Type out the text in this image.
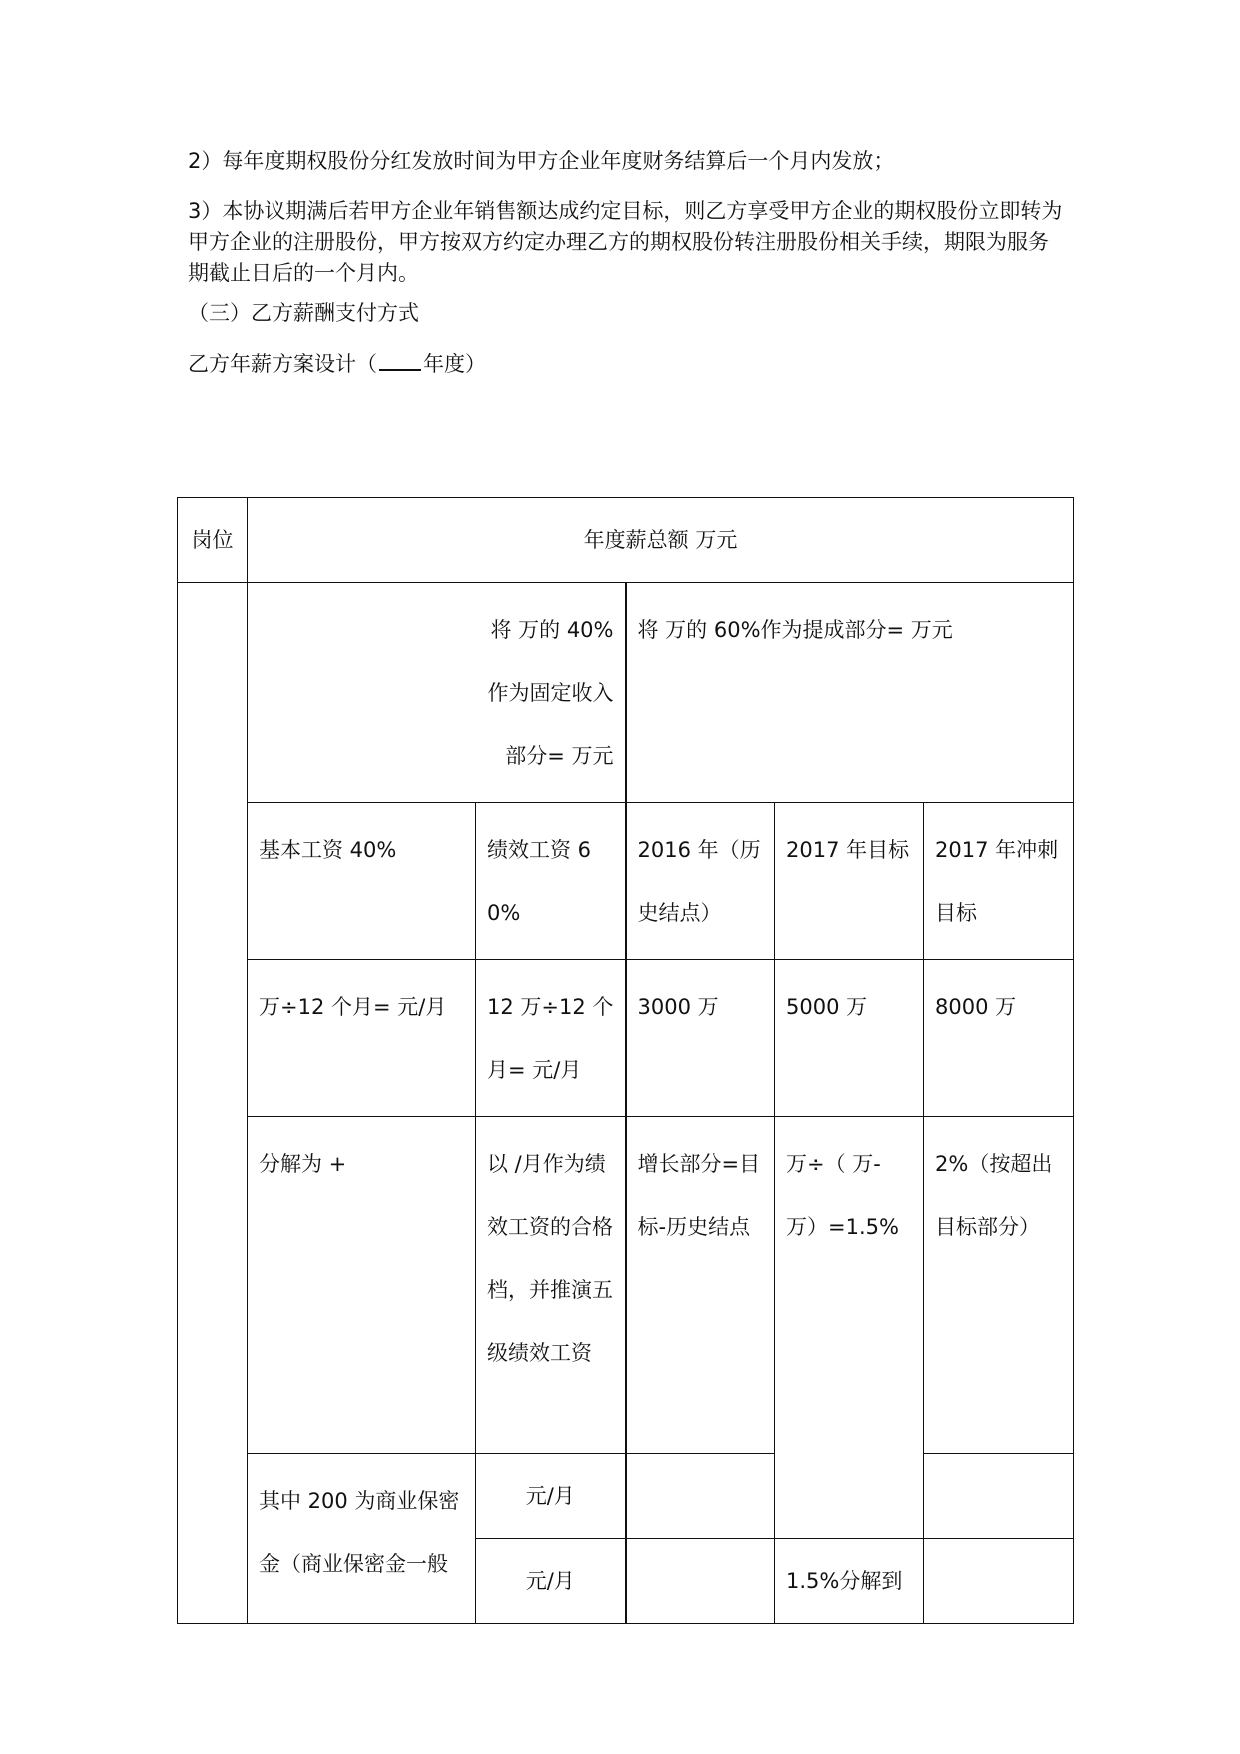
2）每年度期权股份分红发放时间为甲方企业年度财务结算后一个月内发放；

3）本协议期满后若甲方企业年销售额达成约定目标，则乙方享受甲方企业的期权股份立即转为甲方企业的注册股份，甲方按双方约定办理乙方的期权股份转注册股份相关手续，期限为服务期截止日后的一个月内。

（三）乙方薪酬支付方式

乙方年薪方案设计（ 年度）

岗位	年度薪总额 万元				
	将 万的 40%作为固定收入部分= 万元		将 万的 60%作为提成部分= 万元		
	基本工资 40%	绩效工资 60%	2016 年（历史结点）	2017 年目标	2017 年冲刺目标
	万÷12 个月= 元/月	12 万÷12 个月= 元/月	3000 万	5000 万	8000 万
	分解为 +	以 /月作为绩效工资的合格档，并推演五级绩效工资	增长部分=目标-历史结点	万÷（ 万-万）=1.5%	2%（按超出目标部分）
	其中 200 为商业保密金（商业保密金一般	元/月			
		元/月		1.5%分解到	
